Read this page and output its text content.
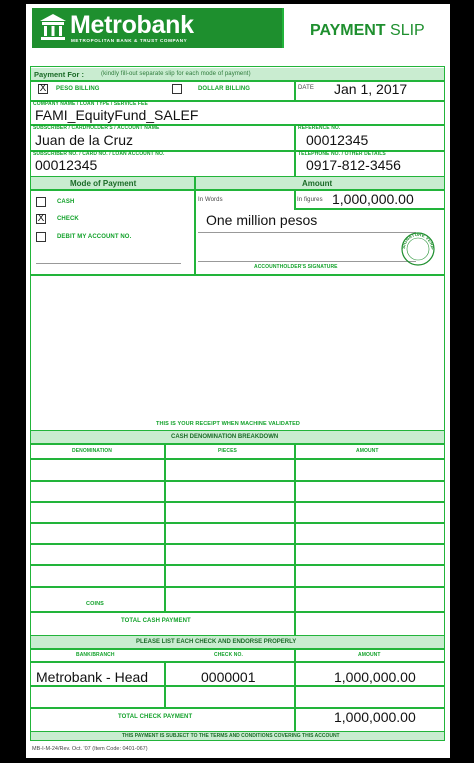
Metrobank
METROPOLITAN BANK & TRUST COMPANY
PAYMENT SLIP
Payment For :	(kindly fill-out separate slip for each mode of payment)
X PESO BILLING	DOLLAR BILLING	DATE Jan 1, 2017
COMPANY NAME / LOAN TYPE / SERVICE FEE
FAMI_EquityFund_SALEF
SUBSCRIBER / CARDHOLDER'S / ACCOUNT NAME
Juan de la Cruz
REFERENCE NO.
00012345
SUBSCRIBER NO. / CARD NO. / LOAN ACCOUNT NO.
00012345
TELEPHONE NO. / OTHER DETAILS
0917-812-3456
Mode of Payment	Amount
CASH
X CHECK
DEBIT MY ACCOUNT NO.
In Words	In figures 1,000,000.00
One million pesos
ACCOUNTHOLDER'S SIGNATURE
SIGNATURE VERIF
THIS IS YOUR RECEIPT WHEN MACHINE VALIDATED
CASH DENOMINATION BREAKDOWN
DENOMINATION	PIECES	AMOUNT
COINS
TOTAL CASH PAYMENT
PLEASE LIST EACH CHECK AND ENDORSE PROPERLY
BANK/BRANCH	CHECK NO.	AMOUNT
Metrobank - Head	0000001	1,000,000.00
TOTAL CHECK PAYMENT	1,000,000.00
THIS PAYMENT IS SUBJECT TO THE TERMS AND CONDITIONS COVERING THIS ACCOUNT
MB-I-M-24/Rev. Oct. '07 (Item Code: 0401-067)
